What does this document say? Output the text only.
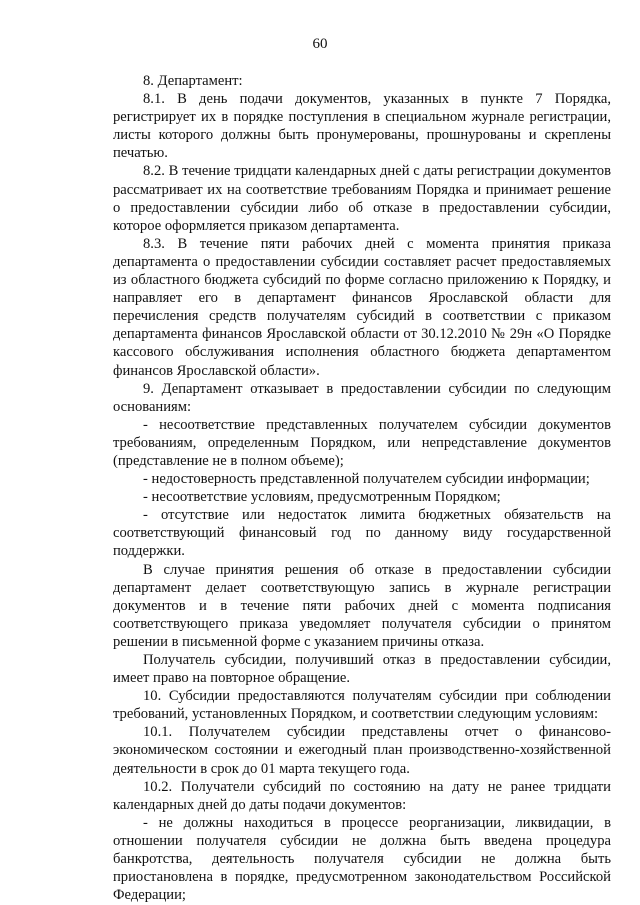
60

8. Департамент:

8.1. В день подачи документов, указанных в пункте 7 Порядка, регистрирует их в порядке поступления в специальном журнале регистрации, листы которого должны быть пронумерованы, прошнурованы и скреплены печатью.

8.2. В течение тридцати календарных дней с даты регистрации документов рассматривает их на соответствие требованиям Порядка и принимает решение о предоставлении субсидии либо об отказе в предоставлении субсидии, которое оформляется приказом департамента.

8.3. В течение пяти рабочих дней с момента принятия приказа департамента о предоставлении субсидии составляет расчет предоставляемых из областного бюджета субсидий по форме согласно приложению к Порядку, и направляет его в департамент финансов Ярославской области для перечисления средств получателям субсидий в соответствии с приказом департамента финансов Ярославской области от 30.12.2010 № 29н «О Порядке кассового обслуживания исполнения областного бюджета департаментом финансов Ярославской области».

9. Департамент отказывает в предоставлении субсидии по следующим основаниям:

- несоответствие представленных получателем субсидии документов требованиям, определенным Порядком, или непредставление документов (представление не в полном объеме);

- недостоверность представленной получателем субсидии информации;

- несоответствие условиям, предусмотренным Порядком;

- отсутствие или недостаток лимита бюджетных обязательств на соответствующий финансовый год по данному виду государственной поддержки.

В случае принятия решения об отказе в предоставлении субсидии департамент делает соответствующую запись в журнале регистрации документов и в течение пяти рабочих дней с момента подписания соответствующего приказа уведомляет получателя субсидии о принятом решении в письменной форме с указанием причины отказа.

Получатель субсидии, получивший отказ в предоставлении субсидии, имеет право на повторное обращение.

10. Субсидии предоставляются получателям субсидии при соблюдении требований, установленных Порядком, и соответствии следующим условиям:

10.1. Получателем субсидии представлены отчет о финансово-экономическом состоянии и ежегодный план производственно-хозяйственной деятельности в срок до 01 марта текущего года.

10.2. Получатели субсидий по состоянию на дату не ранее тридцати календарных дней до даты подачи документов:

- не должны находиться в процессе реорганизации, ликвидации, в отношении получателя субсидии не должна быть введена процедура банкротства, деятельность получателя субсидии не должна быть приостановлена в порядке, предусмотренном законодательством Российской Федерации;
